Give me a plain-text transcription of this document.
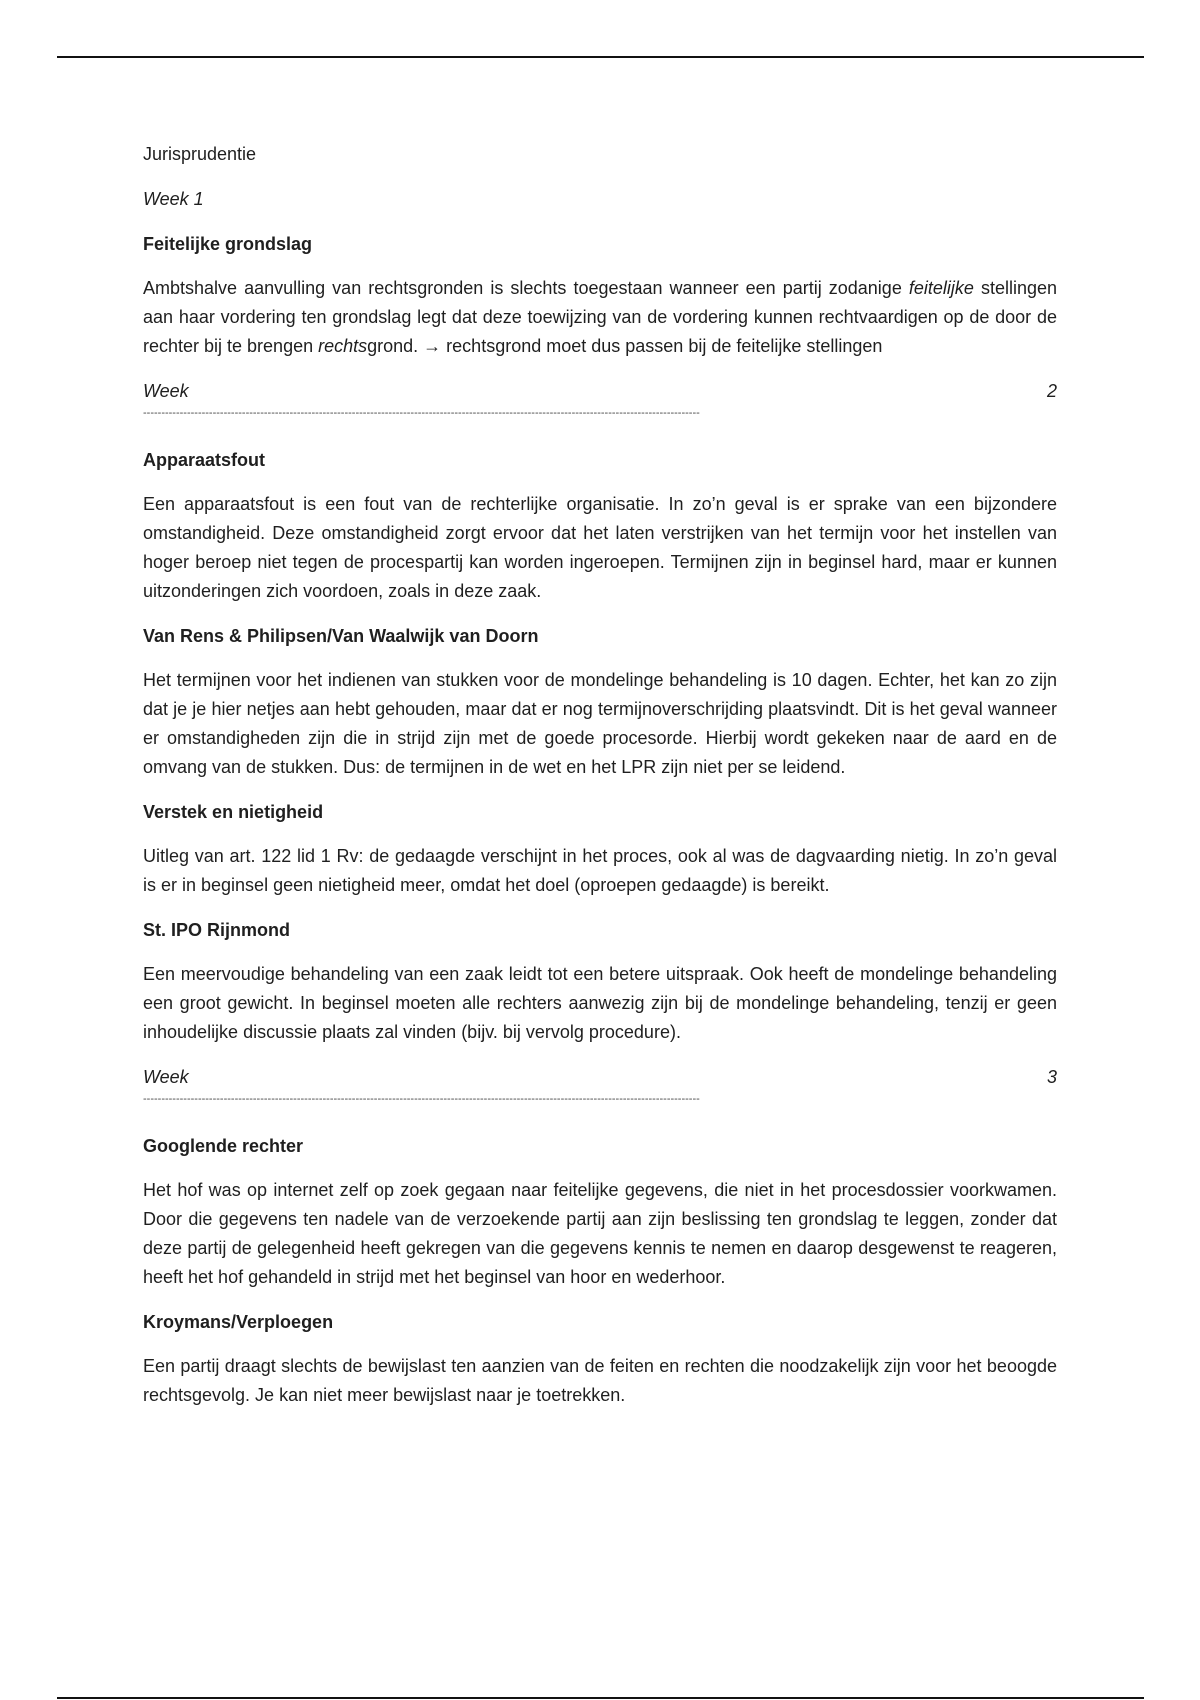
Jurisprudentie

Week 1

Feitelijke grondslag

Ambtshalve aanvulling van rechtsgronden is slechts toegestaan wanneer een partij zodanige feitelijke stellingen aan haar vordering ten grondslag legt dat deze toewijzing van de vordering kunnen rechtvaardigen op de door de rechter bij te brengen rechtsgrond. → rechtsgrond moet dus passen bij de feitelijke stellingen

Week	2
--------------------------------------------------------------------------------------------------------------------------------------------------------

Apparaatsfout

Een apparaatsfout is een fout van de rechterlijke organisatie. In zo’n geval is er sprake van een bijzondere omstandigheid. Deze omstandigheid zorgt ervoor dat het laten verstrijken van het termijn voor het instellen van hoger beroep niet tegen de procespartij kan worden ingeroepen. Termijnen zijn in beginsel hard, maar er kunnen uitzonderingen zich voordoen, zoals in deze zaak.

Van Rens & Philipsen/Van Waalwijk van Doorn

Het termijnen voor het indienen van stukken voor de mondelinge behandeling is 10 dagen. Echter, het kan zo zijn dat je je hier netjes aan hebt gehouden, maar dat er nog termijnoverschrijding plaatsvindt. Dit is het geval wanneer er omstandigheden zijn die in strijd zijn met de goede procesorde. Hierbij wordt gekeken naar de aard en de omvang van de stukken. Dus: de termijnen in de wet en het LPR zijn niet per se leidend.

Verstek en nietigheid

Uitleg van art. 122 lid 1 Rv: de gedaagde verschijnt in het proces, ook al was de dagvaarding nietig. In zo’n geval is er in beginsel geen nietigheid meer, omdat het doel (oproepen gedaagde) is bereikt.

St. IPO Rijnmond

Een meervoudige behandeling van een zaak leidt tot een betere uitspraak. Ook heeft de mondelinge behandeling een groot gewicht. In beginsel moeten alle rechters aanwezig zijn bij de mondelinge behandeling, tenzij er geen inhoudelijke discussie plaats zal vinden (bijv. bij vervolg procedure).

Week	3
--------------------------------------------------------------------------------------------------------------------------------------------------------

Googlende rechter

Het hof was op internet zelf op zoek gegaan naar feitelijke gegevens, die niet in het procesdossier voorkwamen. Door die gegevens ten nadele van de verzoekende partij aan zijn beslissing ten grondslag te leggen, zonder dat deze partij de gelegenheid heeft gekregen van die gegevens kennis te nemen en daarop desgewenst te reageren, heeft het hof gehandeld in strijd met het beginsel van hoor en wederhoor.

Kroymans/Verploegen

Een partij draagt slechts de bewijslast ten aanzien van de feiten en rechten die noodzakelijk zijn voor het beoogde rechtsgevolg. Je kan niet meer bewijslast naar je toetrekken.
